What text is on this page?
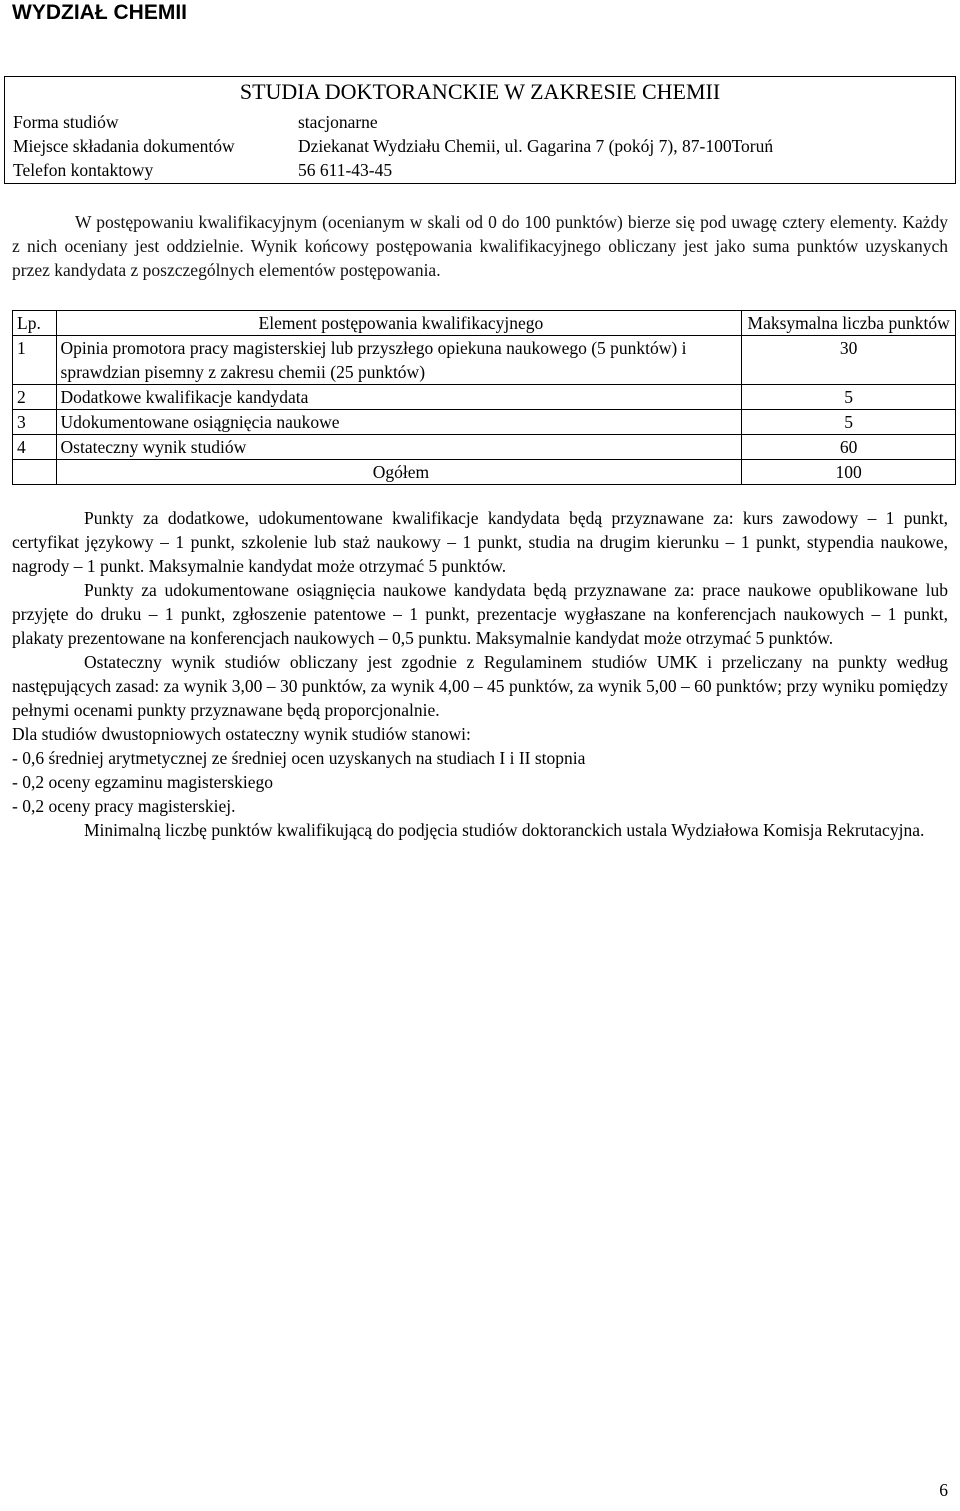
WYDZIAŁ CHEMII
STUDIA DOKTORANCKIE W ZAKRESIE CHEMII
Forma studiów	stacjonarne
Miejsce składania dokumentów	Dziekanat Wydziału Chemii, ul. Gagarina 7 (pokój 7), 87-100Toruń
Telefon kontaktowy	56 611-43-45
W postępowaniu kwalifikacyjnym (ocenianym w skali od 0 do 100 punktów) bierze się pod uwagę cztery elementy. Każdy z nich oceniany jest oddzielnie. Wynik końcowy postępowania kwalifikacyjnego obliczany jest jako suma punktów uzyskanych przez kandydata z poszczególnych elementów postępowania.
Lp.	Element postępowania kwalifikacyjnego	Maksymalna liczba punktów
1	Opinia promotora pracy magisterskiej lub przyszłego opiekuna naukowego (5 punktów) i sprawdzian pisemny z zakresu chemii (25 punktów)	30
2	Dodatkowe kwalifikacje kandydata	5
3	Udokumentowane osiągnięcia naukowe	5
4	Ostateczny wynik studiów	60
	Ogółem	100

Punkty za dodatkowe, udokumentowane kwalifikacje kandydata będą przyznawane za: kurs zawodowy – 1 punkt, certyfikat językowy – 1 punkt, szkolenie lub staż naukowy – 1 punkt, studia na drugim kierunku – 1 punkt, stypendia naukowe, nagrody – 1 punkt. Maksymalnie kandydat może otrzymać 5 punktów.

Punkty za udokumentowane osiągnięcia naukowe kandydata będą przyznawane za: prace naukowe opublikowane lub przyjęte do druku – 1 punkt, zgłoszenie patentowe – 1 punkt, prezentacje wygłaszane na konferencjach naukowych – 1 punkt, plakaty prezentowane na konferencjach naukowych – 0,5 punktu. Maksymalnie kandydat może otrzymać 5 punktów.

Ostateczny wynik studiów obliczany jest zgodnie z Regulaminem studiów UMK i przeliczany na punkty według następujących zasad: za wynik 3,00 – 30 punktów, za wynik 4,00 – 45 punktów, za wynik 5,00 – 60 punktów; przy wyniku pomiędzy pełnymi ocenami punkty przyznawane będą proporcjonalnie.

Dla studiów dwustopniowych ostateczny wynik studiów stanowi:

- 0,6 średniej arytmetycznej ze średniej ocen uzyskanych na studiach I i II stopnia

- 0,2 oceny egzaminu magisterskiego

- 0,2 oceny pracy magisterskiej.

Minimalną liczbę punktów kwalifikującą do podjęcia studiów doktoranckich ustala Wydziałowa Komisja Rekrutacyjna.

6
